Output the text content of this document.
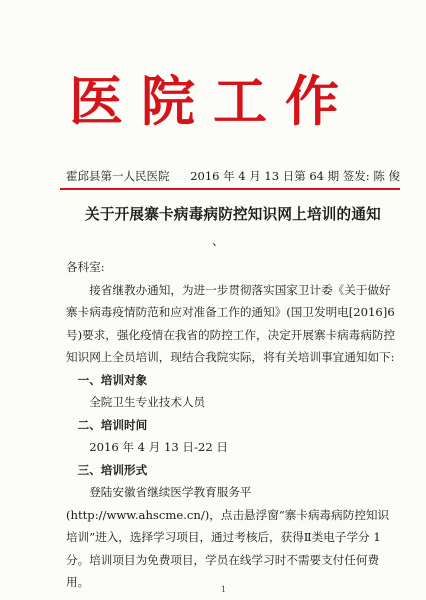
医院工作
霍邱县第一人民医院 2016 年 4 月 13 日第 64 期 签发: 陈 俊
关于开展寨卡病毒病防控知识网上培训的通知
、

各科室:

接省继教办通知，为进一步贯彻落实国家卫计委《关于做好寨卡病毒疫情防范和应对准备工作的通知》(国卫发明电[2016]6号)要求，强化疫情在我省的防控工作，决定开展寨卡病毒病防控知识网上全员培训，现结合我院实际，将有关培训事宜通知如下:

一、培训对象

全院卫生专业技术人员

二、培训时间

2016 年 4 月 13 日-22 日

三、培训形式

登陆安徽省继续医学教育服务平(http://www.ahscme.cn/)，点击悬浮窗“寨卡病毒病防控知识培训”进入，选择学习项目，通过考核后，获得Ⅱ类电子学分 1 分。培训项目为免费项目，学员在线学习时不需要支付任何费用。

1
